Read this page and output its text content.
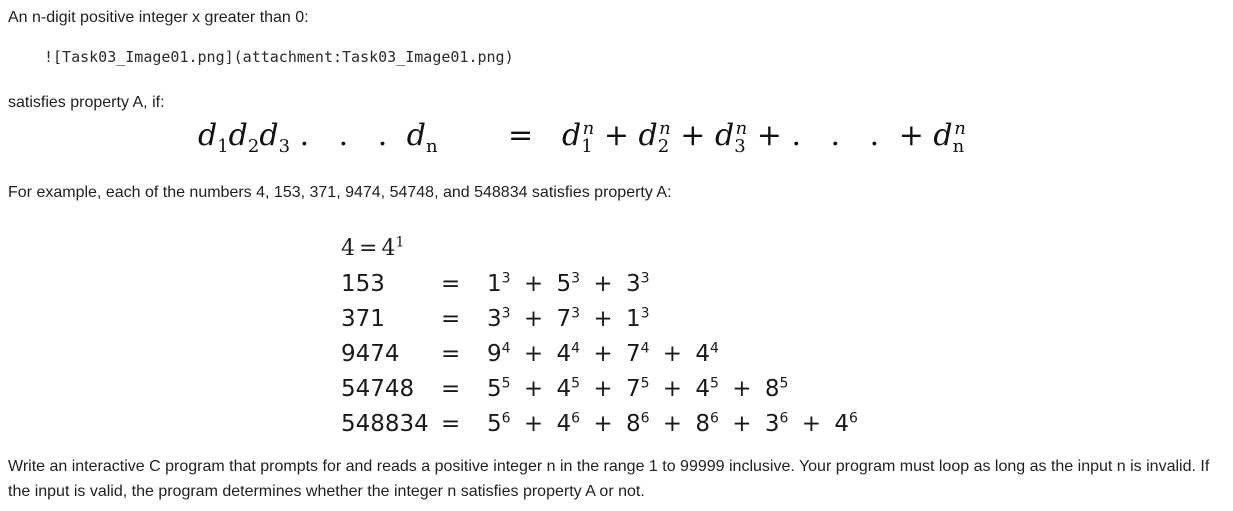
An n-digit positive integer x greater than 0:

![Task03_Image01.png](attachment:Task03_Image01.png)

satisfies property A, if:

$d_1d_2d_3$ . . . $d_n = d_1^n + d_2^n + d_3^n$ + . . . + $d_n^n$

For example, each of the numbers 4, 153, 371, 9474, 54748, and 548834 satisfies property A:

$4=4^1$
$153=1^3 + 5^3 + 3^3$
$371=3^3 + 7^3 + 1^3$
$9474=9^4 + 4^4 + 7^4 + 4^4$
$54748=5^5 + 4^5 + 7^5 + 4^5 + 8^5$
$548834=5^6 + 4^6 + 8^6 + 8^6 + 3^6 + 4^6$

Write an interactive C program that prompts for and reads a positive integer n in the range 1 to 99999 inclusive. Your program must loop as long as the input n is invalid. If the input is valid, the program determines whether the integer n satisfies property A or not.
